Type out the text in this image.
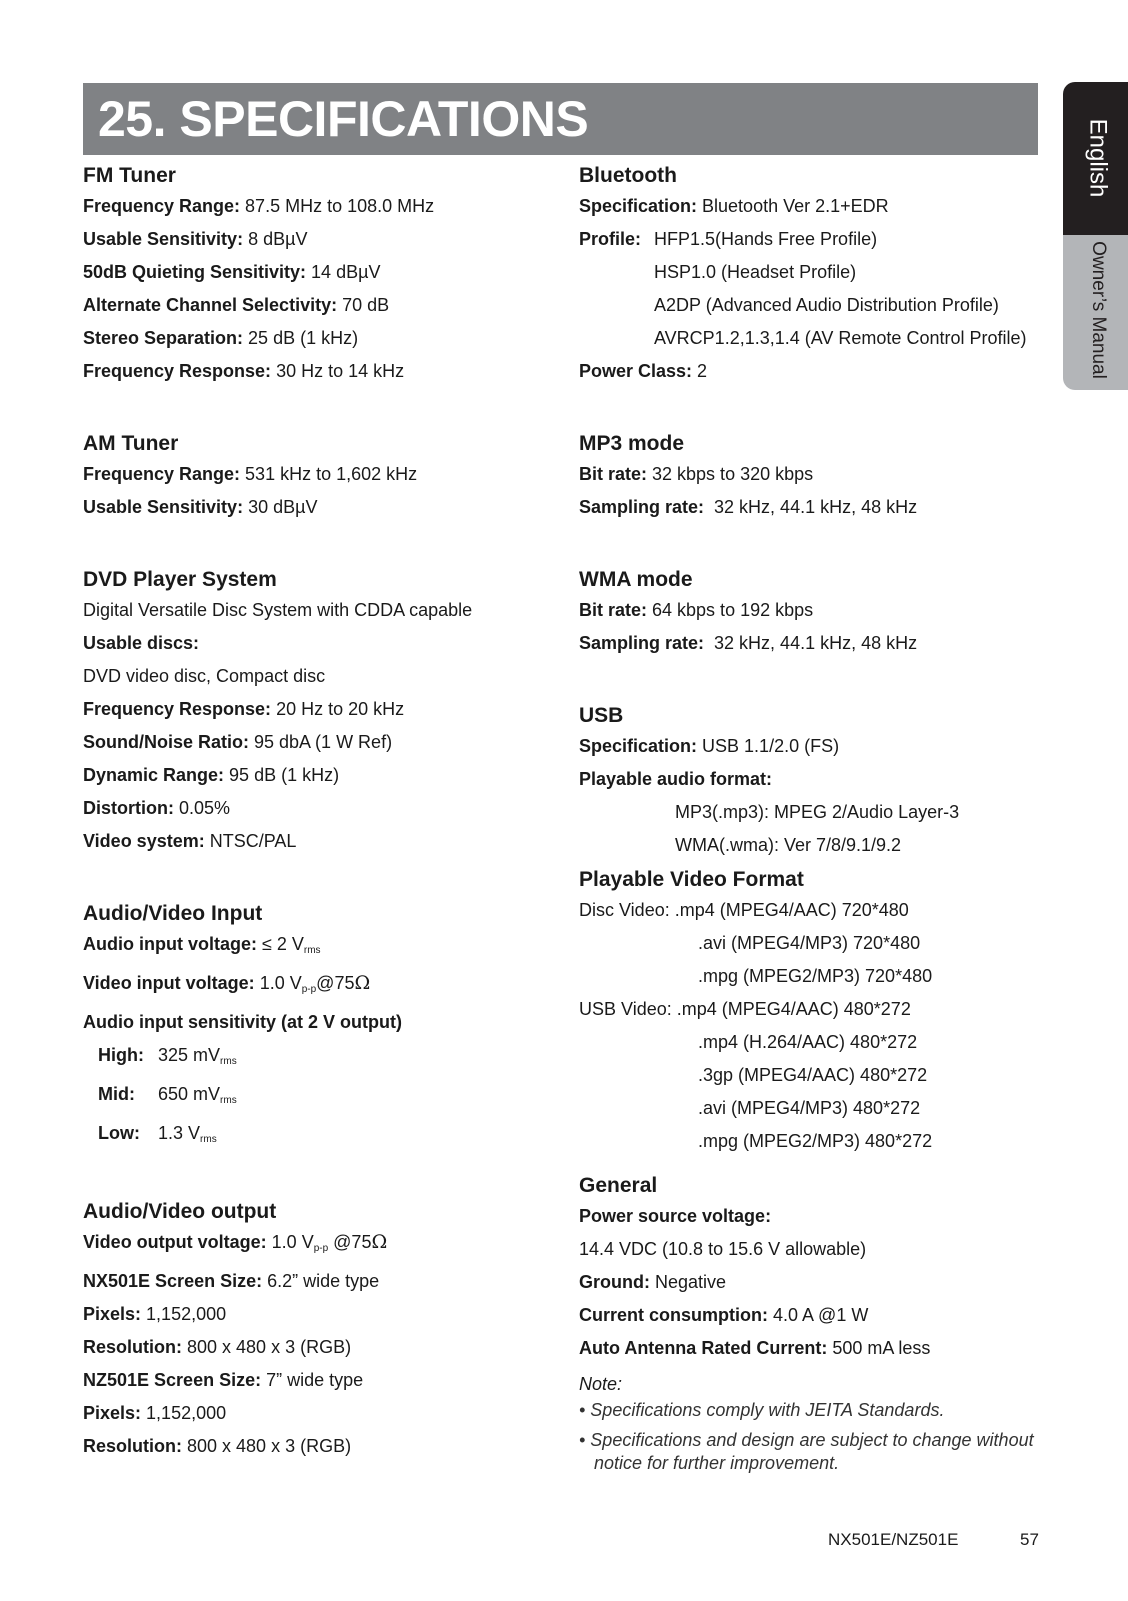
25. SPECIFICATIONS	English
Owner’s Manual
FM Tuner
Frequency Range: 87.5 MHz to 108.0 MHz
Usable Sensitivity: 8 dBµV
50dB Quieting Sensitivity: 14 dBµV
Alternate Channel Selectivity: 70 dB
Stereo Separation: 25 dB (1 kHz)
Frequency Response: 30 Hz to 14 kHz
AM Tuner
Frequency Range: 531 kHz to 1,602 kHz
Usable Sensitivity: 30 dBµV
DVD Player System
Digital Versatile Disc System with CDDA capable
Usable discs:
DVD video disc, Compact disc
Frequency Response: 20 Hz to 20 kHz
Sound/Noise Ratio: 95 dbA (1 W Ref)
Dynamic Range: 95 dB (1 kHz)
Distortion: 0.05%
Video system: NTSC/PAL
Audio/Video Input
Audio input voltage: ≤ 2 $V_{rms}$
Video input voltage: 1.0 $V_{p-p}@75\Omega$
Audio input sensitivity (at 2 V output)
High: 325 $mV_{rms}$
Mid: 650 $mV_{rms}$
Low: 1.3 $V_{rms}$
Audio/Video output
Video output voltage: 1.0 $V_{p-p}$ @75Ω
NX501E Screen Size: 6.2” wide type
Pixels: 1,152,000
Resolution: 800 x 480 x 3 (RGB)
NZ501E Screen Size: 7” wide type
Pixels: 1,152,000
Resolution: 800 x 480 x 3 (RGB)
Bluetooth
Specification: Bluetooth Ver 2.1+EDR
Profile: HFP1.5(Hands Free Profile)
HSP1.0 (Headset Profile)
A2DP (Advanced Audio Distribution Profile)
AVRCP1.2,1.3,1.4 (AV Remote Control Profile)
Power Class: 2
MP3 mode
Bit rate: 32 kbps to 320 kbps
Sampling rate:  32 kHz, 44.1 kHz, 48 kHz
WMA mode
Bit rate: 64 kbps to 192 kbps
Sampling rate:  32 kHz, 44.1 kHz, 48 kHz
USB
Specification: USB 1.1/2.0 (FS)
Playable audio format:
MP3(.mp3): MPEG 2/Audio Layer-3
WMA(.wma): Ver 7/8/9.1/9.2
Playable Video Format
Disc Video: .mp4 (MPEG4/AAC) 720*480
.avi (MPEG4/MP3) 720*480
.mpg (MPEG2/MP3) 720*480
USB Video: .mp4 (MPEG4/AAC) 480*272
.mp4 (H.264/AAC) 480*272
.3gp (MPEG4/AAC) 480*272
.avi (MPEG4/MP3) 480*272
.mpg (MPEG2/MP3) 480*272
General
Power source voltage:
14.4 VDC (10.8 to 15.6 V allowable)
Ground: Negative
Current consumption: 4.0 A @1 W
Auto Antenna Rated Current: 500 mA less
Note:
• Specifications comply with JEITA Standards.
• Specifications and design are subject to change without notice for further improvement.
NX501E/NZ501E	57
